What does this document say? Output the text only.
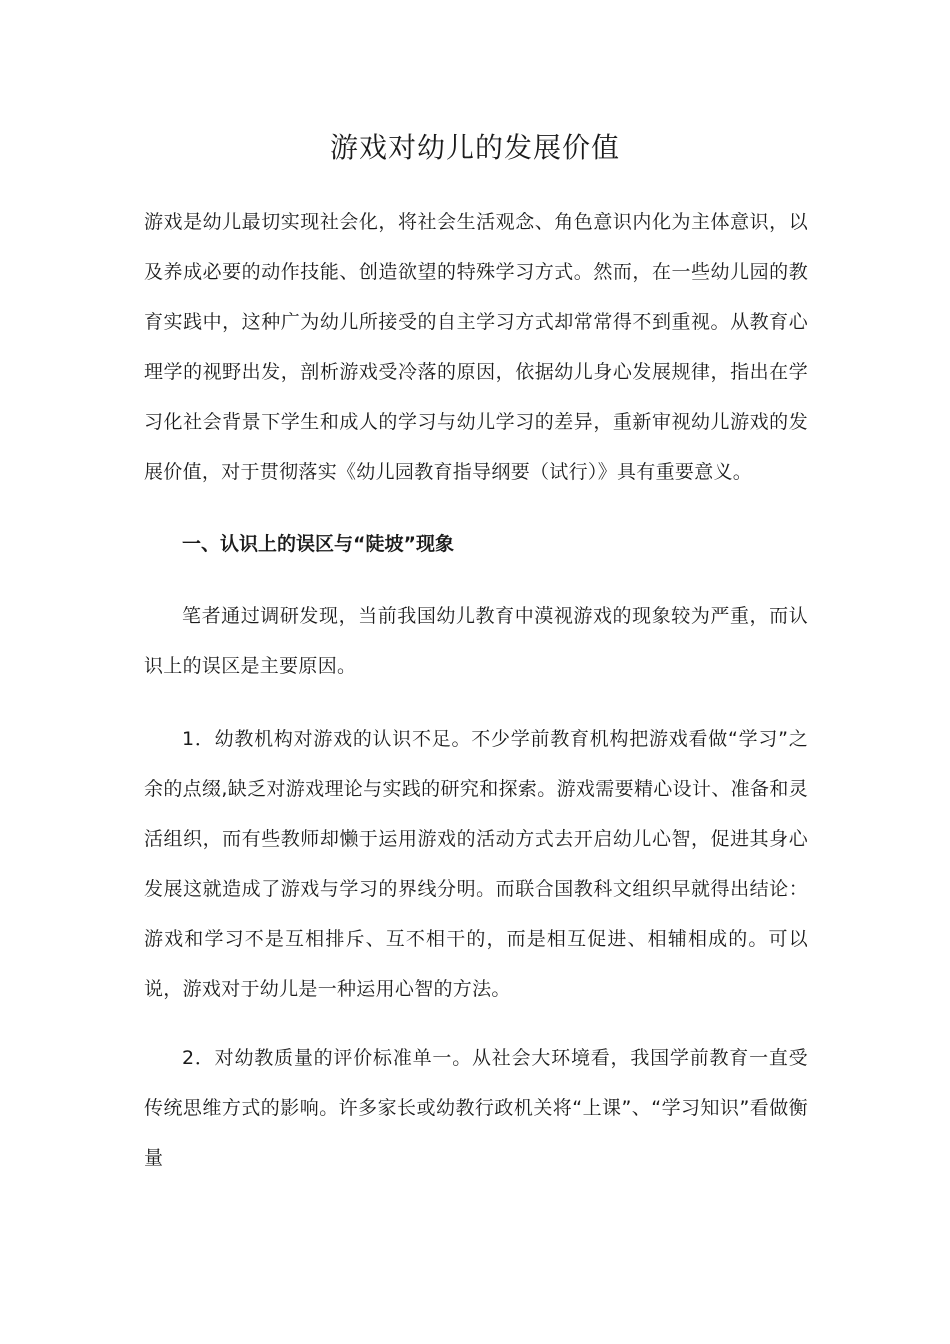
游戏对幼儿的发展价值

游戏是幼儿最切实现社会化，将社会生活观念、角色意识内化为主体意识，以及养成必要的动作技能、创造欲望的特殊学习方式。然而，在一些幼儿园的教育实践中，这种广为幼儿所接受的自主学习方式却常常得不到重视。从教育心理学的视野出发，剖析游戏受冷落的原因，依据幼儿身心发展规律，指出在学习化社会背景下学生和成人的学习与幼儿学习的差异，重新审视幼儿游戏的发展价值，对于贯彻落实《幼儿园教育指导纲要（试行）》具有重要意义。

一、认识上的误区与“陡坡”现象

笔者通过调研发现，当前我国幼儿教育中漠视游戏的现象较为严重，而认识上的误区是主要原因。

1．幼教机构对游戏的认识不足。不少学前教育机构把游戏看做“学习”之余的点缀,缺乏对游戏理论与实践的研究和探索。游戏需要精心设计、准备和灵活组织，而有些教师却懒于运用游戏的活动方式去开启幼儿心智，促进其身心发展这就造成了游戏与学习的界线分明。而联合国教科文组织早就得出结论：游戏和学习不是互相排斥、互不相干的，而是相互促进、相辅相成的。可以说，游戏对于幼儿是一种运用心智的方法。

2．对幼教质量的评价标准单一。从社会大环境看，我国学前教育一直受传统思维方式的影响。许多家长或幼教行政机关将“上课”、“学习知识”看做衡量
